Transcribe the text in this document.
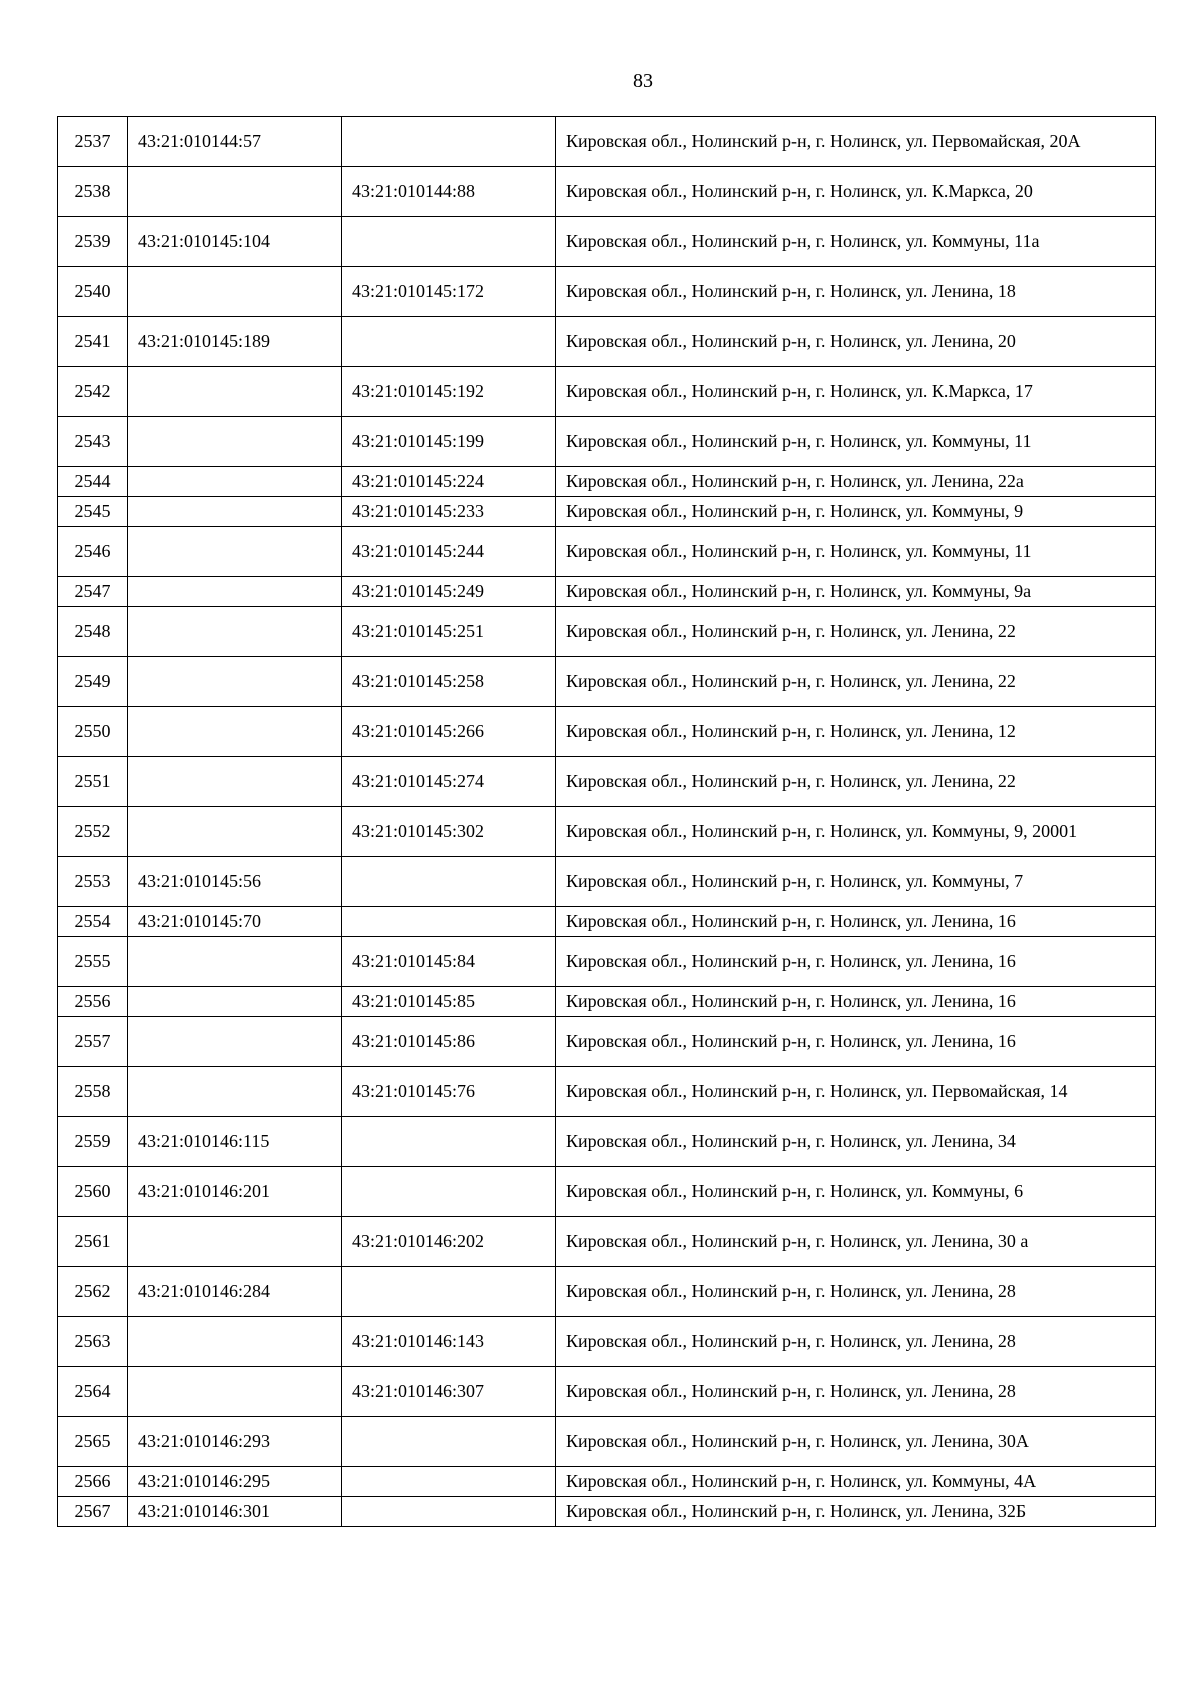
83
2537	43:21:010144:57		Кировская обл., Нолинский р-н, г. Нолинск, ул. Первомайская, 20А
2538		43:21:010144:88	Кировская обл., Нолинский р-н, г. Нолинск, ул. К.Маркса, 20
2539	43:21:010145:104		Кировская обл., Нолинский р-н, г. Нолинск, ул. Коммуны, 11а
2540		43:21:010145:172	Кировская обл., Нолинский р-н, г. Нолинск, ул. Ленина, 18
2541	43:21:010145:189		Кировская обл., Нолинский р-н, г. Нолинск, ул. Ленина, 20
2542		43:21:010145:192	Кировская обл., Нолинский р-н, г. Нолинск, ул. К.Маркса, 17
2543		43:21:010145:199	Кировская обл., Нолинский р-н, г. Нолинск, ул. Коммуны, 11
2544		43:21:010145:224	Кировская обл., Нолинский р-н, г. Нолинск, ул. Ленина, 22а
2545		43:21:010145:233	Кировская обл., Нолинский р-н, г. Нолинск, ул. Коммуны, 9
2546		43:21:010145:244	Кировская обл., Нолинский р-н, г. Нолинск, ул. Коммуны, 11
2547		43:21:010145:249	Кировская обл., Нолинский р-н, г. Нолинск, ул. Коммуны, 9а
2548		43:21:010145:251	Кировская обл., Нолинский р-н, г. Нолинск, ул. Ленина, 22
2549		43:21:010145:258	Кировская обл., Нолинский р-н, г. Нолинск, ул. Ленина, 22
2550		43:21:010145:266	Кировская обл., Нолинский р-н, г. Нолинск, ул. Ленина, 12
2551		43:21:010145:274	Кировская обл., Нолинский р-н, г. Нолинск, ул. Ленина, 22
2552		43:21:010145:302	Кировская обл., Нолинский р-н, г. Нолинск, ул. Коммуны, 9, 20001
2553	43:21:010145:56		Кировская обл., Нолинский р-н, г. Нолинск, ул. Коммуны, 7
2554	43:21:010145:70		Кировская обл., Нолинский р-н, г. Нолинск, ул. Ленина, 16
2555		43:21:010145:84	Кировская обл., Нолинский р-н, г. Нолинск, ул. Ленина, 16
2556		43:21:010145:85	Кировская обл., Нолинский р-н, г. Нолинск, ул. Ленина, 16
2557		43:21:010145:86	Кировская обл., Нолинский р-н, г. Нолинск, ул. Ленина, 16
2558		43:21:010145:76	Кировская обл., Нолинский р-н, г. Нолинск, ул. Первомайская, 14
2559	43:21:010146:115		Кировская обл., Нолинский р-н, г. Нолинск, ул. Ленина, 34
2560	43:21:010146:201		Кировская обл., Нолинский р-н, г. Нолинск, ул. Коммуны, 6
2561		43:21:010146:202	Кировская обл., Нолинский р-н, г. Нолинск, ул. Ленина, 30 а
2562	43:21:010146:284		Кировская обл., Нолинский р-н, г. Нолинск, ул. Ленина, 28
2563		43:21:010146:143	Кировская обл., Нолинский р-н, г. Нолинск, ул. Ленина, 28
2564		43:21:010146:307	Кировская обл., Нолинский р-н, г. Нолинск, ул. Ленина, 28
2565	43:21:010146:293		Кировская обл., Нолинский р-н, г. Нолинск, ул. Ленина, 30А
2566	43:21:010146:295		Кировская обл., Нолинский р-н, г. Нолинск, ул. Коммуны, 4А
2567	43:21:010146:301		Кировская обл., Нолинский р-н, г. Нолинск, ул. Ленина, 32Б
